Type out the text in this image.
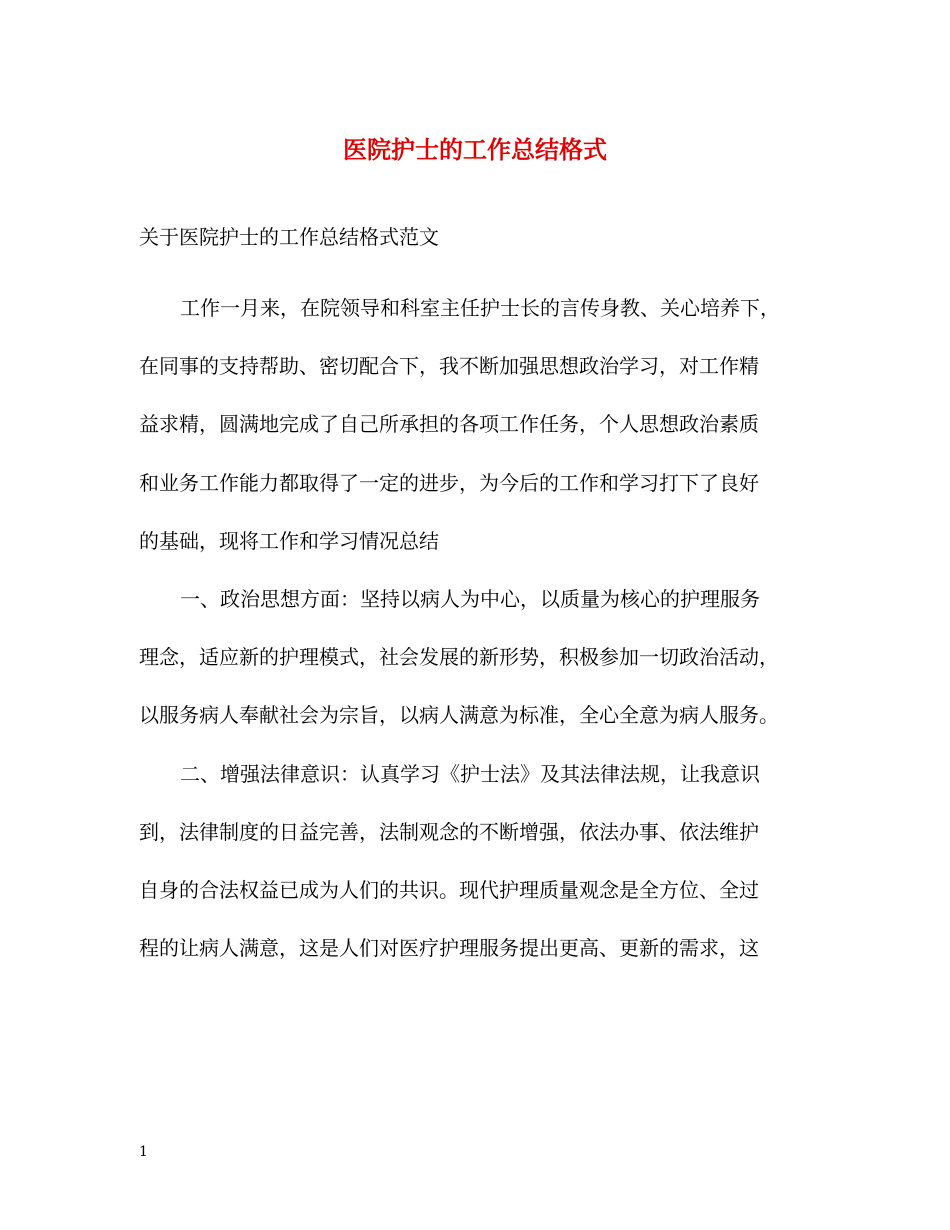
医院护士的工作总结格式
关于医院护士的工作总结格式范文
工作一月来，在院领导和科室主任护士长的言传身教、关心培养下，
在同事的支持帮助、密切配合下，我不断加强思想政治学习，对工作精
益求精，圆满地完成了自己所承担的各项工作任务，个人思想政治素质
和业务工作能力都取得了一定的进步，为今后的工作和学习打下了良好
的基础，现将工作和学习情况总结
一、政治思想方面：坚持以病人为中心，以质量为核心的护理服务
理念，适应新的护理模式，社会发展的新形势，积极参加一切政治活动，
以服务病人奉献社会为宗旨，以病人满意为标准，全心全意为病人服务。
二、增强法律意识：认真学习《护士法》及其法律法规，让我意识
到，法律制度的日益完善，法制观念的不断增强，依法办事、依法维护
自身的合法权益已成为人们的共识。现代护理质量观念是全方位、全过
程的让病人满意，这是人们对医疗护理服务提出更高、更新的需求，这
1
